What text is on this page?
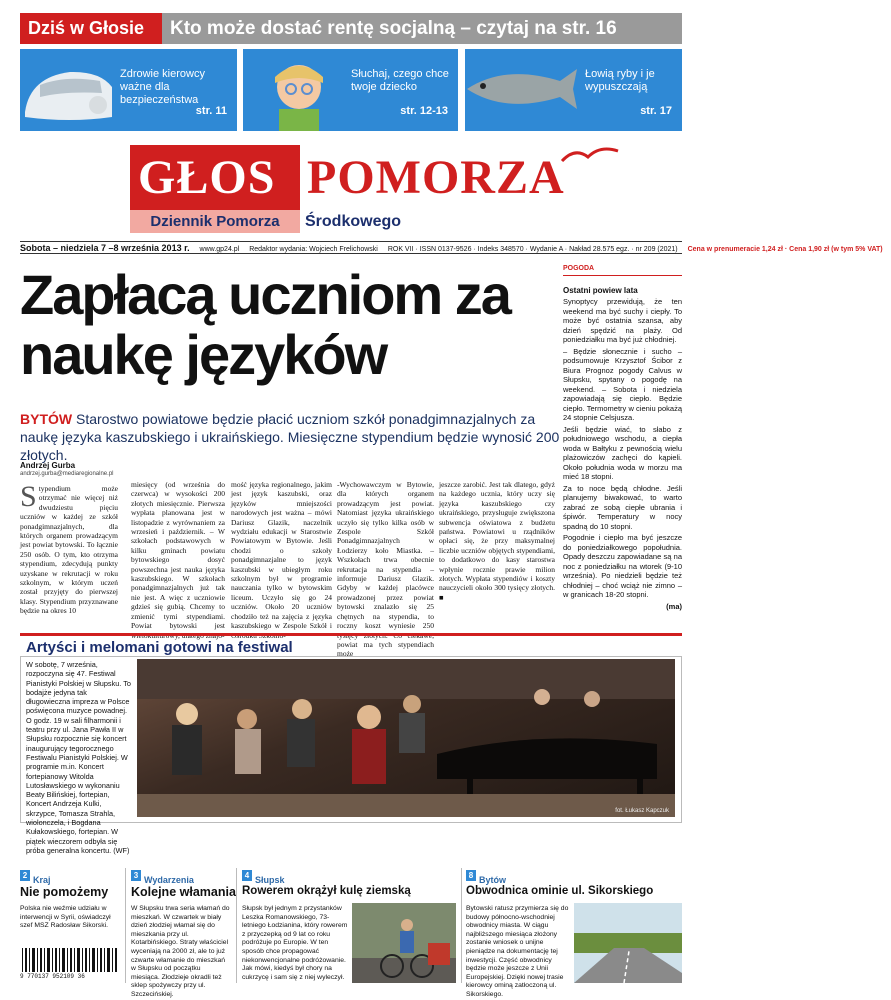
Dziś w Głosie	Kto może dostać rentę socjalną – czytaj na str. 16
Zdrowie kierowcy ważne dla bezpieczeństwa
str. 11
Słuchaj, czego chce twoje dziecko
str. 12-13
Łowią ryby i je wypuszczają
str. 17
GŁOS POMORZA
Dziennik Pomorza	Środkowego
Sobota – niedziela 7 –8 września 2013 r. www.gp24.pl Redaktor wydania: Wojciech Frelichowski ROK VII · ISSN 0137-9526 · Indeks 348570 · Wydanie A · Nakład 28.575 egz. · nr 209 (2021) Cena w prenumeracie 1,24 zł · Cena 1,90 zł (w tym 5% VAT)
Zapłacą uczniom za naukę języków
BYTÓW Starostwo powiatowe będzie płacić uczniom szkół ponadgimnazjalnych za naukę języka kaszubskiego i ukraińskiego. Miesięczne stypendium będzie wynosić 200 złotych.
Andrzej Gurba
andrzej.gurba@mediaregionalne.pl
Stypendium może otrzymać nie więcej niż dwudziestu pięciu uczniów w każdej ze szkół ponadgimnazjalnych, dla których organem prowadzącym jest powiat bytowski. To łącznie 250 osób. O tym, kto otrzyma stypendium, zdecydują punkty uzyskane w rekrutacji w roku szkolnym, w którym uczeń został przyjęty do pierwszej klasy. Stypendium przyznawane będzie na okres 10
miesięcy (od września do czerwca) w wysokości 200 złotych miesięcznie. Pierwsza wypłata planowana jest w listopadzie z wyrównaniem za wrzesień i październik. – W szkołach podstawowych w kilku gminach powiatu bytowskiego dosyć powszechna jest nauka języka kaszubskiego. W szkołach ponadgimnazjalnych już tak nie jest. A więc z uczniowie gdzieś się gubią. Chcemy to zmienić tymi stypendiami. Powiat bytowski jest
mość języka regionalnego, jakim jest język kaszubski, oraz języków mniejszości narodowych jest ważna – mówi Dariusz Glazik, naczelnik wydziału edukacji w Starostwie Powiatowym w Bytowie. Jeśli chodzi o szkoły ponadgimnazjalne to język kaszubski w ubiegłym roku szkolnym był w programie nauczania tylko w bytowskim liceum. Uczyło się go 24 uczniów. Około 20 uczniów chodziło też na zajęcia z języka kaszubskiego w Zespole Szkół i
-Wychowawczym w Bytowie, dla których organem prowadzącym jest powiat. Natomiast języka ukraińskiego uczyło się tylko kilka osób w Zespole Szkół Ponadgimnazjalnych w Łodzierzy koło Miastka. – Wszkołach trwa obecnie rekrutacja na stypendia – informuje Dariusz Glazik. Gdyby w każdej placówce prowadzonej przez powiat bytowski znalazło się 25 chętnych na stypendia, to roczny koszt wyniesie 250 powiat ma tych stypendiach może
jeszcze zarobić. Jest tak dlatego, gdyż na każdego ucznia, który uczy się języka kaszubskiego czy ukraińskiego, przysługuje zwiększona subwencja oświatowa z budżetu państwa. Powiatowi u rządników opłaci się, że przy maksymalnej liczbie uczniów objętych stypendiami, to dodatkowo do kasy starostwa wpłynie rocznie prawie milion złotych. Wypłata stypendiów i koszty nauczycieli około 300 tysięcy złotych. ■
POGODA
Ostatni powiew lata

Synoptycy przewidują, że ten weekend ma być suchy i ciepły. To może być ostatnia szansa, aby dzień spędzić na plaży. Od poniedziałku ma być już chłodniej.

– Będzie słonecznie i sucho – podsumowuje Krzysztof Ścibor z Biura Prognoz pogody Calvus w Słupsku, spytany o pogodę na weekend. – Sobota i niedziela zapowiadają się ciepło. Będzie ciepło. Termometry w cieniu pokażą 24 stopnie Celsjusza.

Jeśli będzie wiać, to słabo z południowego wschodu, a ciepła woda w Bałtyku z pewnością wielu plażowiczów zachęci do kąpieli. Około południa woda w morzu ma mieć 18 stopni.

Za to noce będą chłodne. Jeśli planujemy biwakować, to warto zabrać ze sobą ciepłe ubrania i śpiwór. Temperatury w nocy spadną do 10 stopni.

Pogodnie i ciepło ma być jeszcze do poniedziałkowego popołudnia. Opady deszczu zapowiadane są na noc z poniedziałku na wtorek (9-10 września). Po niedzieli będzie też chłodniej – choć wciąż nie zimno – w granicach 18-20 stopni.

(ma)

Artyści i melomani gotowi na festiwal
W sobotę, 7 września, rozpoczyna się 47. Festiwal Pianistyki Polskiej w Słupsku. To bodajże jedyna tak długowieczna impreza w Polsce poświęcona muzyce powadnej. O godz. 19 w sali filharmonii i teatru przy ul. Jana Pawła II w Słupsku rozpocznie się koncert inaugurujący tegorocznego Festiwalu Pianistyki Polskiej. W programie m.in. Koncert fortepianowy Witolda Lutosławskiego w wykonaniu Beaty Bilińskiej, fortepian, Koncert Andrzeja Kulki, skrzypce, Tomasza Strahla, wiolonczela, i Bogdana Kułakowskiego, fortepian. W piątek wieczorem odbyła się próba generalna koncertu. (WF)
fot. Łukasz Kapczuk
2 Kraj
Nie pomożemy
Polska nie weźmie udziału w interwencji w Syrii, oświadczył szef MSZ Radosław Sikorski.
9 770137 952109 36
3 Wydarzenia
Kolejne włamania
W Słupsku trwa seria włamań do mieszkań. W czwartek w biały dzień złodziej włamał się do mieszkania przy ul. Kotarbińskiego. Straty właściciel wyceniają na 2000 zł, ale to już czwarte włamanie do mieszkań w Słupsku od początku miesiąca. Złodzieje okradli też sklep spożywczy przy ul. Szczecińskiej.
4 Słupsk
Rowerem okrążył kulę ziemską
Słupsk był jednym z przystanków Leszka Romanowskiego, 73-letniego Łodzianina, który rowerem z przyczepką od 9 lat co roku podróżuje po Europie. W ten sposób chce propagować niekonwencjonalne podróżowanie. Jak mówi, kiedyś był chory na cukrzycę i sam się z niej wyleczył.
8 Bytów
Obwodnica ominie ul. Sikorskiego
Bytowski ratusz przymierza się do budowy północno-wschodniej obwodnicy miasta. W ciągu najbliższego miesiąca złożony zostanie wniosek o unijne pieniądze na dokumentację tej inwestycji. Część obwodnicy będzie może jeszcze z Unii Europejskiej. Dzięki nowej trasie kierowcy ominą zatłoczoną ul. Sikorskiego.
